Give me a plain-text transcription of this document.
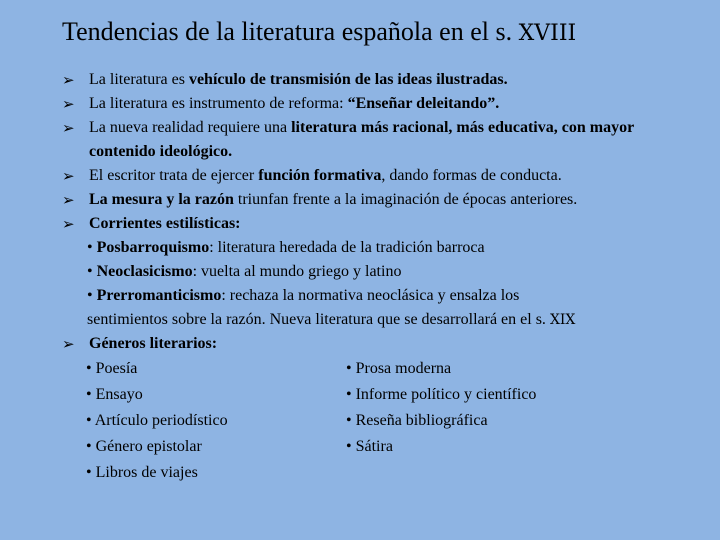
Tendencias de la literatura española en el s. XVIII
➢ La literatura es vehículo de transmisión de las ideas ilustradas.
➢ La literatura es instrumento de reforma: “Enseñar deleitando”.
➢ La nueva realidad requiere una literatura más racional, más educativa, con mayor contenido ideológico.
➢ El escritor trata de ejercer función formativa, dando formas de conducta.
➢ La mesura y la razón triunfan frente a la imaginación de épocas anteriores.
➢ Corrientes estilísticas:
• Posbarroquismo: literatura heredada de la tradición barroca
• Neoclasicismo: vuelta al mundo griego y latino
• Prerromanticismo: rechaza la normativa neoclásica y ensalza los
sentimientos sobre la razón. Nueva literatura que se desarrollará en el s. XIX
➢ Géneros literarios:
• Poesía
• Ensayo
• Artículo periodístico
• Género epistolar
• Libros de viajes
• Prosa moderna
• Informe político y científico
• Reseña bibliográfica
• Sátira
